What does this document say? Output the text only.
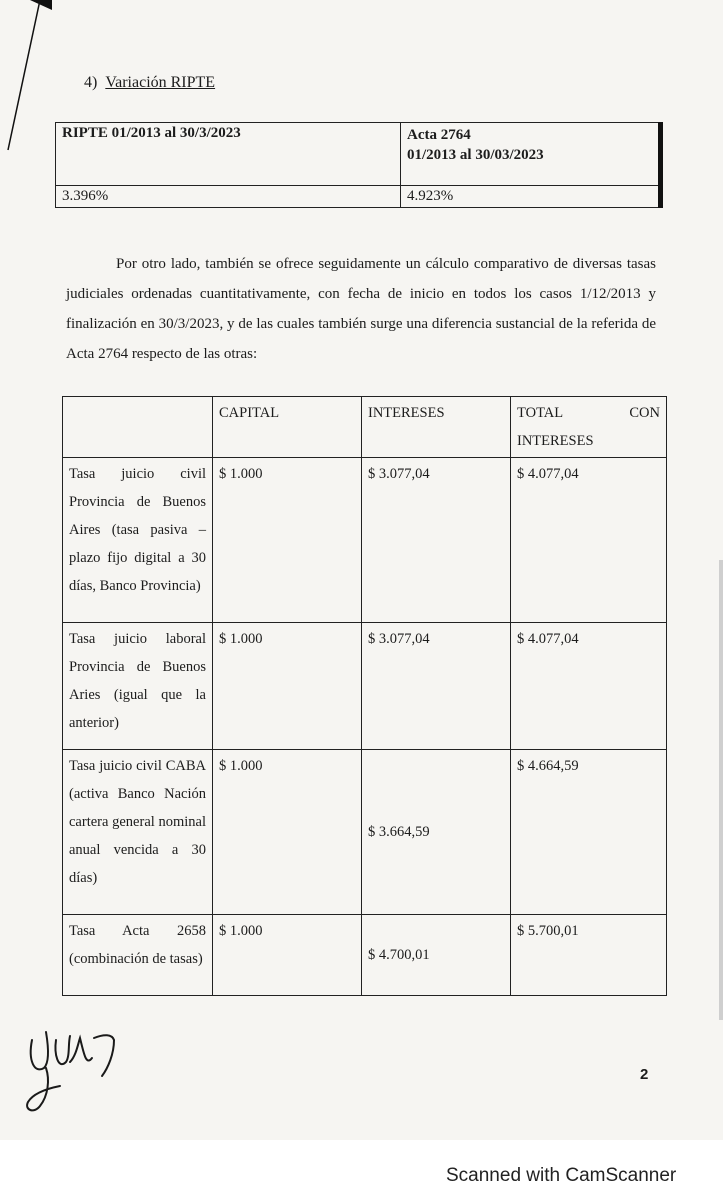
4) Variación RIPTE
RIPTE 01/2013 al 30/3/2023	Acta 2764
01/2013 al 30/03/2023

3.396%	4.923%

Por otro lado, también se ofrece seguidamente un cálculo comparativo de diversas tasas judiciales ordenadas cuantitativamente, con fecha de inicio en todos los casos 1/12/2013 y finalización en 30/3/2023, y de las cuales también surge una diferencia sustancial de la referida de Acta 2764 respecto de las otras:

	CAPITAL	INTERESES	TOTAL CON
INTERESES

Tasa juicio civil Provincia de Buenos Aires (tasa pasiva – plazo fijo digital a 30 días, Banco Provincia)	$ 1.000	$ 3.077,04	$ 4.077,04
Tasa juicio laboral Provincia de Buenos Aries (igual que la anterior)	$ 1.000	$ 3.077,04	$ 4.077,04
Tasa juicio civil CABA (activa Banco Nación cartera general nominal anual vencida a 30 días)	$ 1.000	$ 3.664,59	$ 4.664,59
Tasa Acta 2658 (combinación de tasas)	$ 1.000	$ 4.700,01	$ 5.700,01
2
Scanned with CamScanner
